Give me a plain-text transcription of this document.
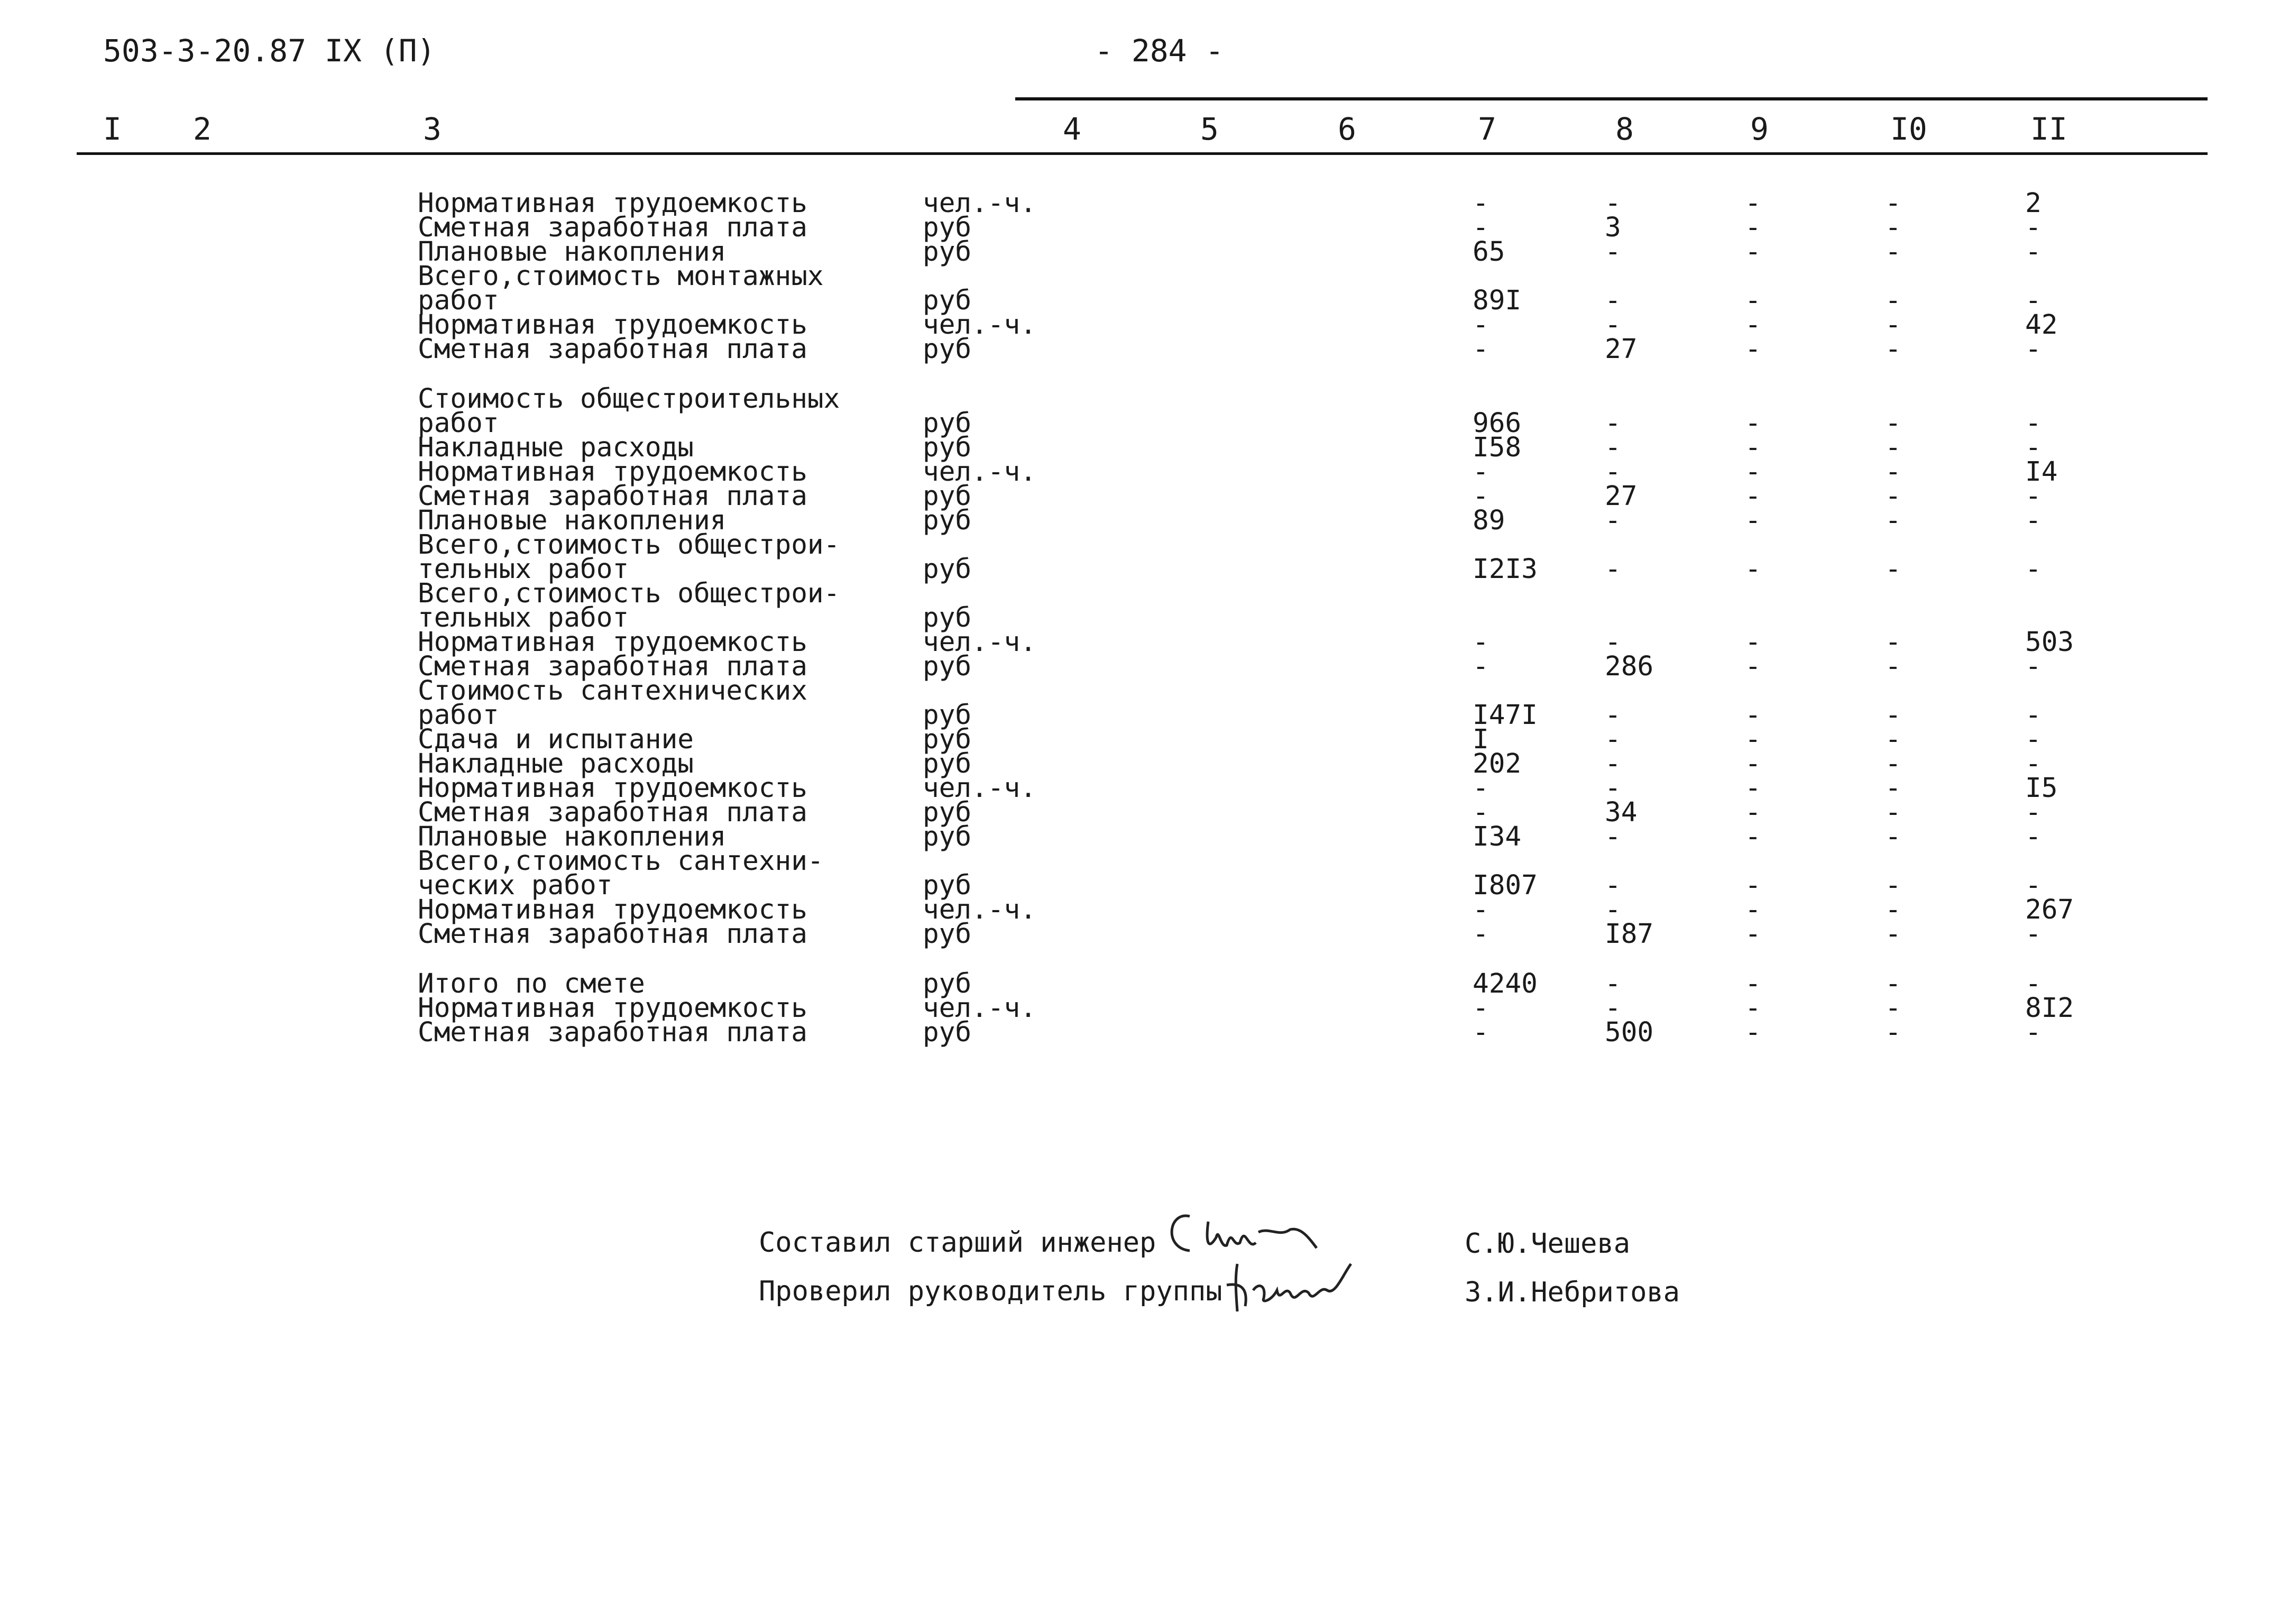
503-3-20.87 IX (П)	- 284 -
I 2	3	4	5	6	7	8	9	I0	II
Нормативная трудоемкость	чел.-ч.	-	-	-	-	2
Сметная заработная плата	руб	-	3	-	-	-
Плановые накопления	руб	65	-	-	-	-
Всего,стоимость монтажных
работ	руб	89I	-	-	-	-
Нормативная трудоемкость	чел.-ч.	-	-	-	-	42
Сметная заработная плата	руб	-	27	-	-	-
Стоимость общестроительных
работ	руб	966	-	-	-	-
Накладные расходы	руб	I58	-	-	-	-
Нормативная трудоемкость	чел.-ч.	-	-	-	-	I4
Сметная заработная плата	руб	-	27	-	-	-
Плановые накопления	руб	89	-	-	-	-
Всего,стоимость общестрои-
тельных работ	руб	I2I3 -	-	-	-
Всего,стоимость общестрои-
тельных работ	руб
Нормативная трудоемкость	чел.-ч.	-	-	-	-	503
Сметная заработная плата	руб	-	286	-	-	-
Стоимость сантехнических
работ	руб	I47I -	-	-	-
Сдача и испытание	руб	I	-	-	-	-
Накладные расходы	руб	202	-	-	-	-
Нормативная трудоемкость	чел.-ч.	-	-	-	-	I5
Сметная заработная плата	руб	-	34	-	-	-
Плановые накопления	руб	I34	-	-	-	-
Всего,стоимость сантехни-
ческих работ	руб	I807 -	-	-	-
Нормативная трудоемкость	чел.-ч.	-	-	-	-	267
Сметная заработная плата	руб	-	I87	-	-	-
Итого по смете	руб	4240 -	-	-	-
Нормативная трудоемкость	чел.-ч.	-	-	-	-	8I2
Сметная заработная плата	руб	-	500	-	-	-
Составил старший инженер	С.Ю.Чешева
Проверил руководитель группы	З.И.Небритова
